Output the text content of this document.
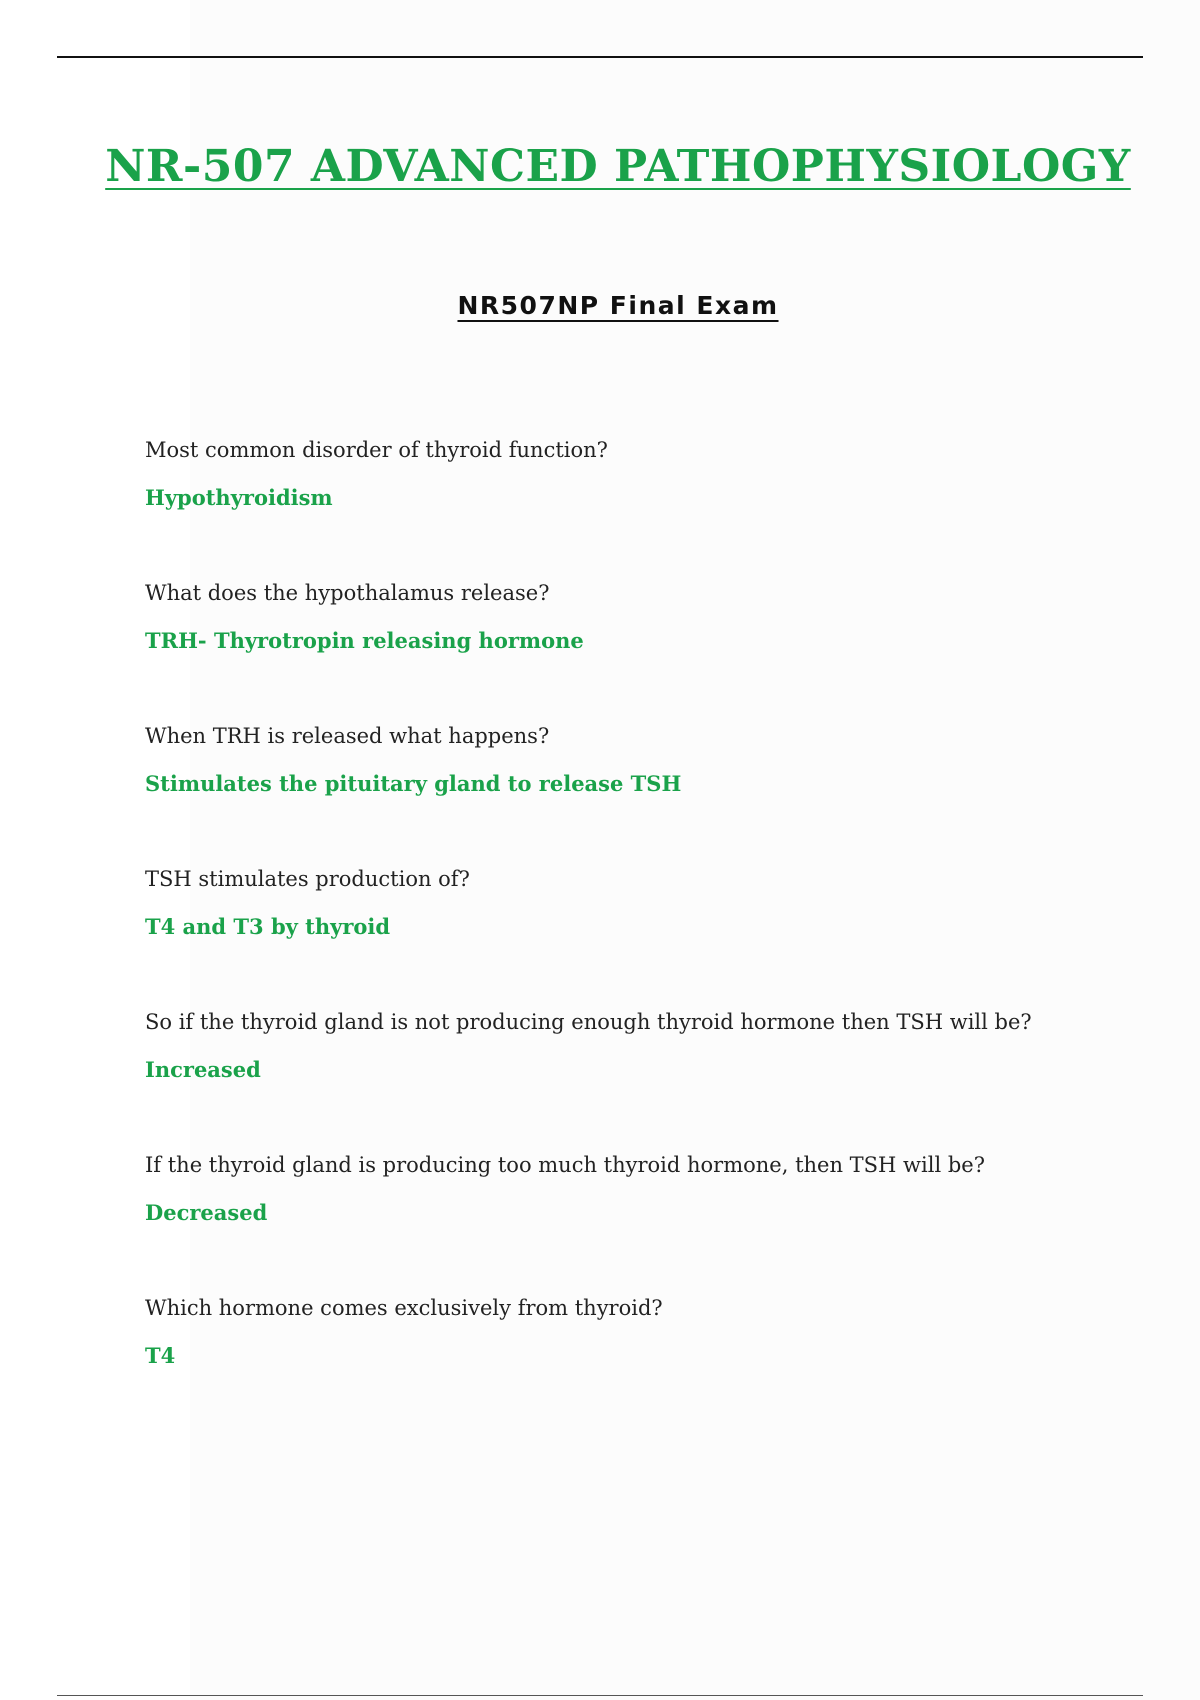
NR-507 ADVANCED PATHOPHYSIOLOGY
NR507NP Final Exam
Most common disorder of thyroid function?
Hypothyroidism
What does the hypothalamus release?
TRH- Thyrotropin releasing hormone
When TRH is released what happens?
Stimulates the pituitary gland to release TSH
TSH stimulates production of?
T4 and T3 by thyroid
So if the thyroid gland is not producing enough thyroid hormone then TSH will be?
Increased
If the thyroid gland is producing too much thyroid hormone, then TSH will be?
Decreased
Which hormone comes exclusively from thyroid?
T4
